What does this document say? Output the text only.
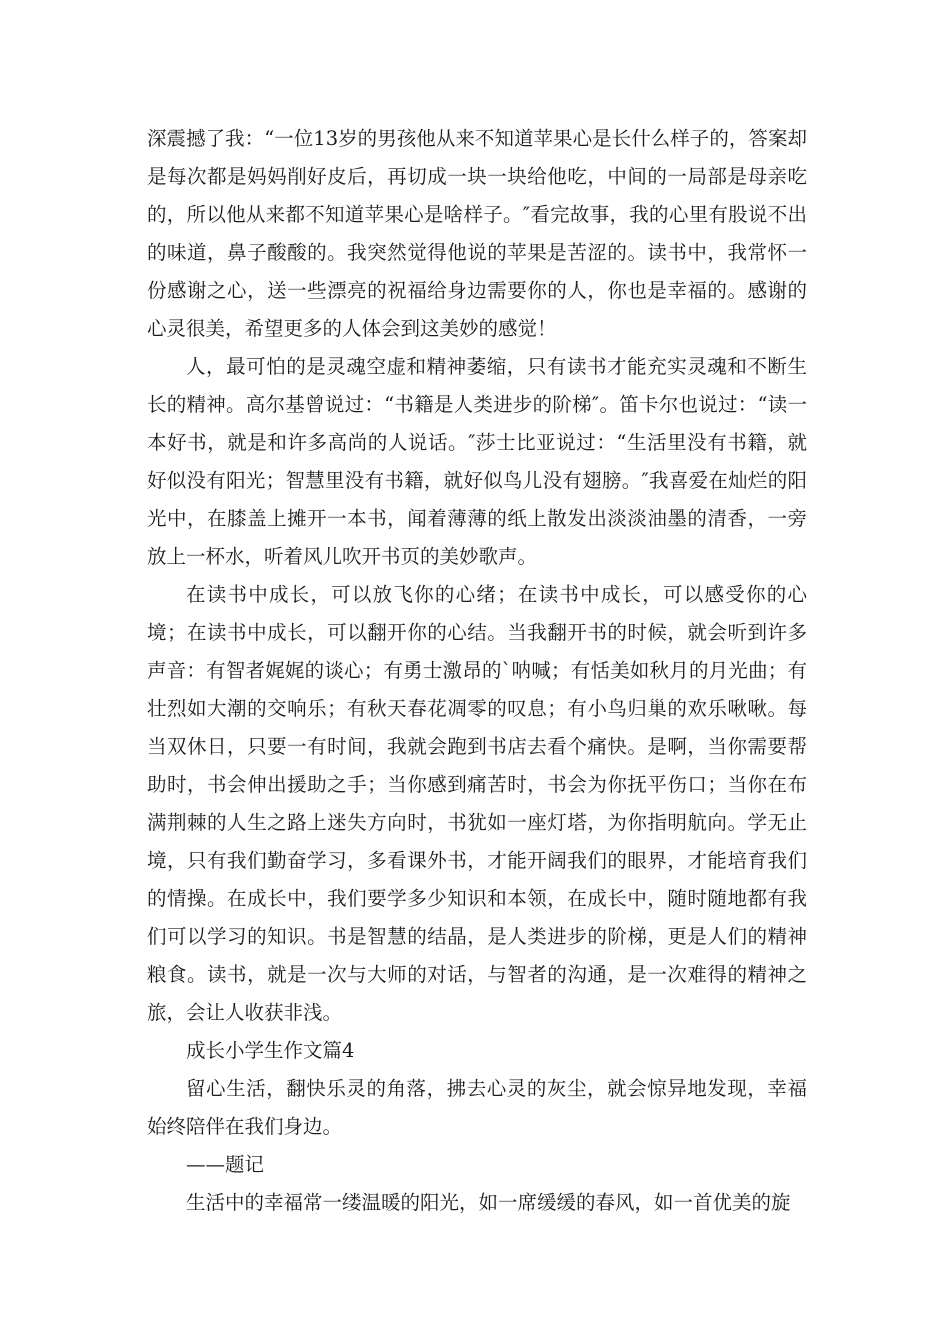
深震撼了我：“一位13岁的男孩他从来不知道苹果心是长什么样子的，答案却是每次都是妈妈削好皮后，再切成一块一块给他吃，中间的一局部是母亲吃的，所以他从来都不知道苹果心是啥样子。″看完故事，我的心里有股说不出的味道，鼻子酸酸的。我突然觉得他说的苹果是苦涩的。读书中，我常怀一份感谢之心，送一些漂亮的祝福给身边需要你的人，你也是幸福的。感谢的心灵很美，希望更多的人体会到这美妙的感觉！

人，最可怕的是灵魂空虚和精神萎缩，只有读书才能充实灵魂和不断生长的精神。高尔基曾说过：“书籍是人类进步的阶梯″。笛卡尔也说过：“读一本好书，就是和许多高尚的人说话。″莎士比亚说过：“生活里没有书籍，就好似没有阳光；智慧里没有书籍，就好似鸟儿没有翅膀。″我喜爱在灿烂的阳光中，在膝盖上摊开一本书，闻着薄薄的纸上散发出淡淡油墨的清香，一旁放上一杯水，听着风儿吹开书页的美妙歌声。

在读书中成长，可以放飞你的心绪；在读书中成长，可以感受你的心境；在读书中成长，可以翻开你的心结。当我翻开书的时候，就会听到许多声音：有智者娓娓的谈心；有勇士激昂的`呐喊；有恬美如秋月的月光曲；有壮烈如大潮的交响乐；有秋天春花凋零的叹息；有小鸟归巢的欢乐啾啾。每当双休日，只要一有时间，我就会跑到书店去看个痛快。是啊，当你需要帮助时，书会伸出援助之手；当你感到痛苦时，书会为你抚平伤口；当你在布满荆棘的人生之路上迷失方向时，书犹如一座灯塔，为你指明航向。学无止境，只有我们勤奋学习，多看课外书，才能开阔我们的眼界，才能培育我们的情操。在成长中，我们要学多少知识和本领，在成长中，随时随地都有我们可以学习的知识。书是智慧的结晶，是人类进步的阶梯，更是人们的精神粮食。读书，就是一次与大师的对话，与智者的沟通，是一次难得的精神之旅，会让人收获非浅。

成长小学生作文篇4

留心生活，翻快乐灵的角落，拂去心灵的灰尘，就会惊异地发现，幸福始终陪伴在我们身边。

——题记

生活中的幸福常一缕温暖的阳光，如一席缓缓的春风，如一首优美的旋
